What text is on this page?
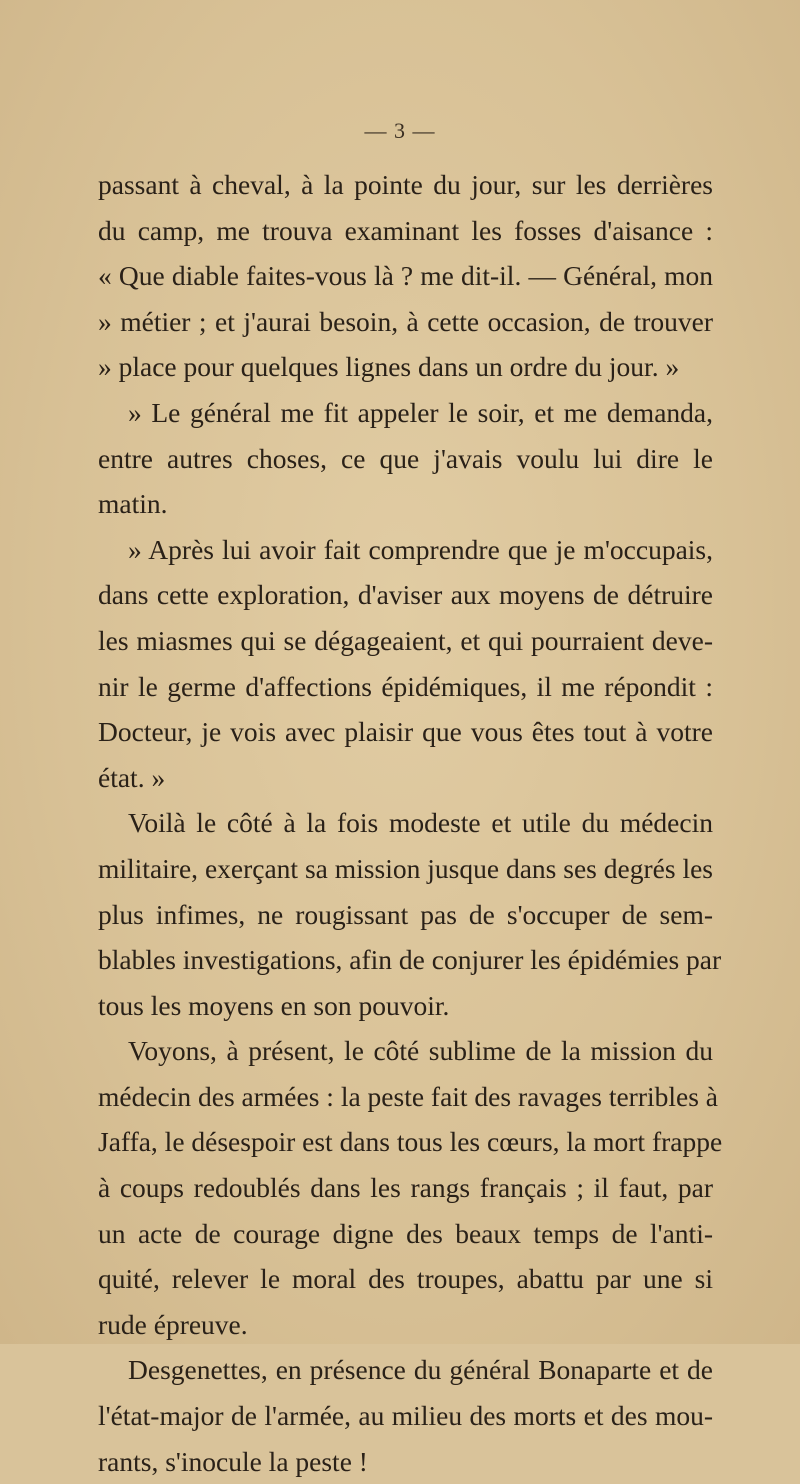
— 3 —
passant à cheval, à la pointe du jour, sur les derrières
du camp, me trouva examinant les fosses d'aisance :
« Que diable faites-vous là ? me dit-il. — Général, mon
» métier ; et j'aurai besoin, à cette occasion, de trouver
» place pour quelques lignes dans un ordre du jour. »
» Le général me fit appeler le soir, et me demanda,
entre autres choses, ce que j'avais voulu lui dire le
matin.
» Après lui avoir fait comprendre que je m'occupais,
dans cette exploration, d'aviser aux moyens de détruire
les miasmes qui se dégageaient, et qui pourraient deve-
nir le germe d'affections épidémiques, il me répondit :
Docteur, je vois avec plaisir que vous êtes tout à votre
état. »
Voilà le côté à la fois modeste et utile du médecin
militaire, exerçant sa mission jusque dans ses degrés les
plus infimes, ne rougissant pas de s'occuper de sem-
blables investigations, afin de conjurer les épidémies par
tous les moyens en son pouvoir.
Voyons, à présent, le côté sublime de la mission du
médecin des armées : la peste fait des ravages terribles à
Jaffa, le désespoir est dans tous les cœurs, la mort frappe
à coups redoublés dans les rangs français ; il faut, par
un acte de courage digne des beaux temps de l'anti-
quité, relever le moral des troupes, abattu par une si
rude épreuve.
Desgenettes, en présence du général Bonaparte et de
l'état-major de l'armée, au milieu des morts et des mou-
rants, s'inocule la peste !
